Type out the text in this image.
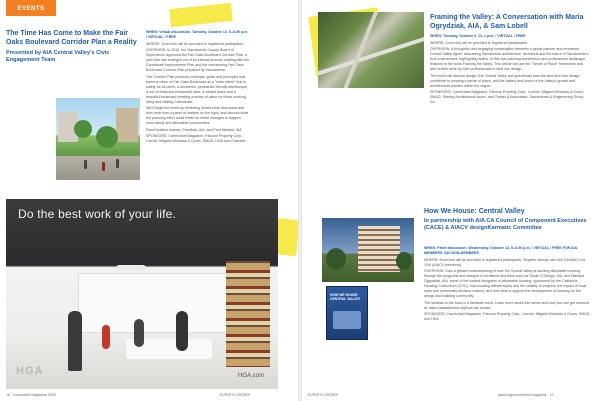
EVENTS
The Time Has Come to Make the Fair Oaks Boulevard Corridor Plan a Reality
Presented by AIA Central Valley's Civic Engagement Team

WHEN: Virtual discussion, Tuesday, October 13, 5–6:30 p.m. / VIRTUAL / FREE

WHERE: Zoom link will be provided to registered participants.

OVERVIEW: In 2015, the Sacramento County Board of Supervisors approved the Fair Oaks Boulevard Corridor Plan, a plan that has emerged out of an intense process starting with the Carmichael Improvement Plan and the overarching Fair Oaks Boulevard Corridor Plan prepared by Sacramento.

The Corridor Plan presents concepts, goals and principles that frame a vision of Fair Oaks Boulevard as a "main street" that is safety for all users, a wonderful, pedestrian-friendly streetscape, a mix of retail and residential uses, a vibrant place and a beautiful boulevard creating a sense of place for those working, living and visiting Carmichael.

We'll begin the event by reviewing what's been discussed and then hear from a panel of leaders on the topic, and discuss what the planning effort could mean for these changes to happen more easily and affordable communities.

Event leaders include: Panelists, AIA, and Fred Nieland, AIA

SPONSORS: Carmichael Magazine, Falcone Property Corp., Lincoln, Milgard Windows & Doors, SMUD, HGA and Chamber

Do the best work of your life.
HGA	HGA.com
16 Connected Magazine 2020	EVENTS CENTER
Framing the Valley: A Conversation with Maria Ogrydziak, AIA, & Sam Lobell

WHEN: Tuesday, October 6, 12–1 p.m. / VIRTUAL / FREE

WHERE: Zoom link will be provided to registered participants.

OVERVIEW: A thoughtful and engaging conversation between a global planner and renowned Central Valley figure, discussing Sacramento architecture, architects and the future of Sacramento's built environment, highlighting author of this eye-catching architecture and professional landscape featured in the book Framing the Valley. This article will use the "Sense of Place" framework and also review work by both professionals in land use design.

The event will discuss design, the Central Valley and specifically how the land and how design contribute to creating a sense of place, and the history and future of the Valley's growth and architectural practice within the region.

SPONSORS: Carmichael Magazine, Falcone Property Corp., Lincoln, Milgard Windows & Doors, SMUD, Stanley Architectural Assoc. and Timber & Associates, Sacramento & Engineering Group, Inc.

HOW WE HOUSE CENTRAL VALLEY
How We House: Central Valley
In partnership with AIA CA Council of Component Executives (CACE) & AIACV designKarmatic Committee

WHEN: Panel discussion, Wednesday, October 14, 5–6:30 p.m. / VIRTUAL / FREE FOR AIA MEMBERS, $10 NON-MEMBERS

WHERE: Zoom link will be provided to registered participants. Register directly with AIA CA/AIACV by 10/9 (AIACV members).

OVERVIEW: Gain a greater understanding of how the Central Valley is tackling affordable housing through the programs and designs of architects and firms such as Studio 3 Design, AIA, and Mariana Ogrydziak, AIA, some of the central designers of affordable housing, sponsored by the California Housing Consortium (CHC), how housing affects equity and the viability of projects, the impact of local rules and community decision makers, and how best to support the development of housing for the design and building community.

The webinar in the book is a fantastic event. Learn more about this series and how you can get involved at: https://aiacalifornia.org/how-we-house/

SPONSORS: Carmichael Magazine, Falcone Property Corp., Lincoln, Milgard Windows & Doors, SMUD and HGA

EVENTS CENTER	aiacv.org/connected-magazine 17
